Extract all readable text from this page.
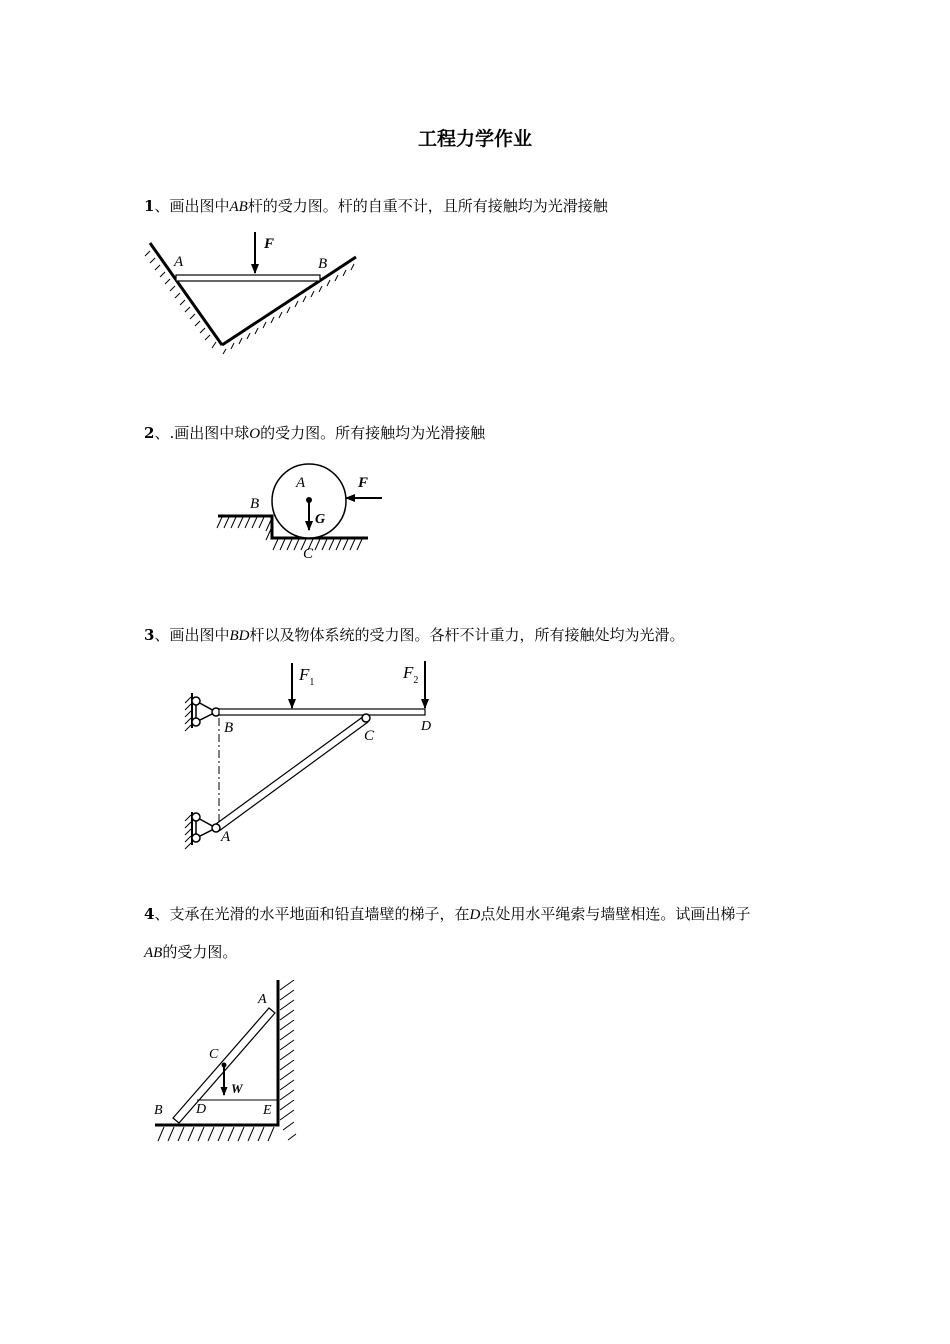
工程力学作业
1、画出图中AB杆的受力图。杆的自重不计，且所有接触均为光滑接触
F
A	B
2、.画出图中球O的受力图。所有接触均为光滑接触
A
B
C
F
G
3、画出图中BD杆以及物体系统的受力图。各杆不计重力，所有接触处均为光滑。
$F_1$
$F_2$
B	C
D
A
4、支承在光滑的水平地面和铅直墙壁的梯子，在D点处用水平绳索与墙壁相连。试画出梯子
AB的受力图。
A
C
W
B D	E
